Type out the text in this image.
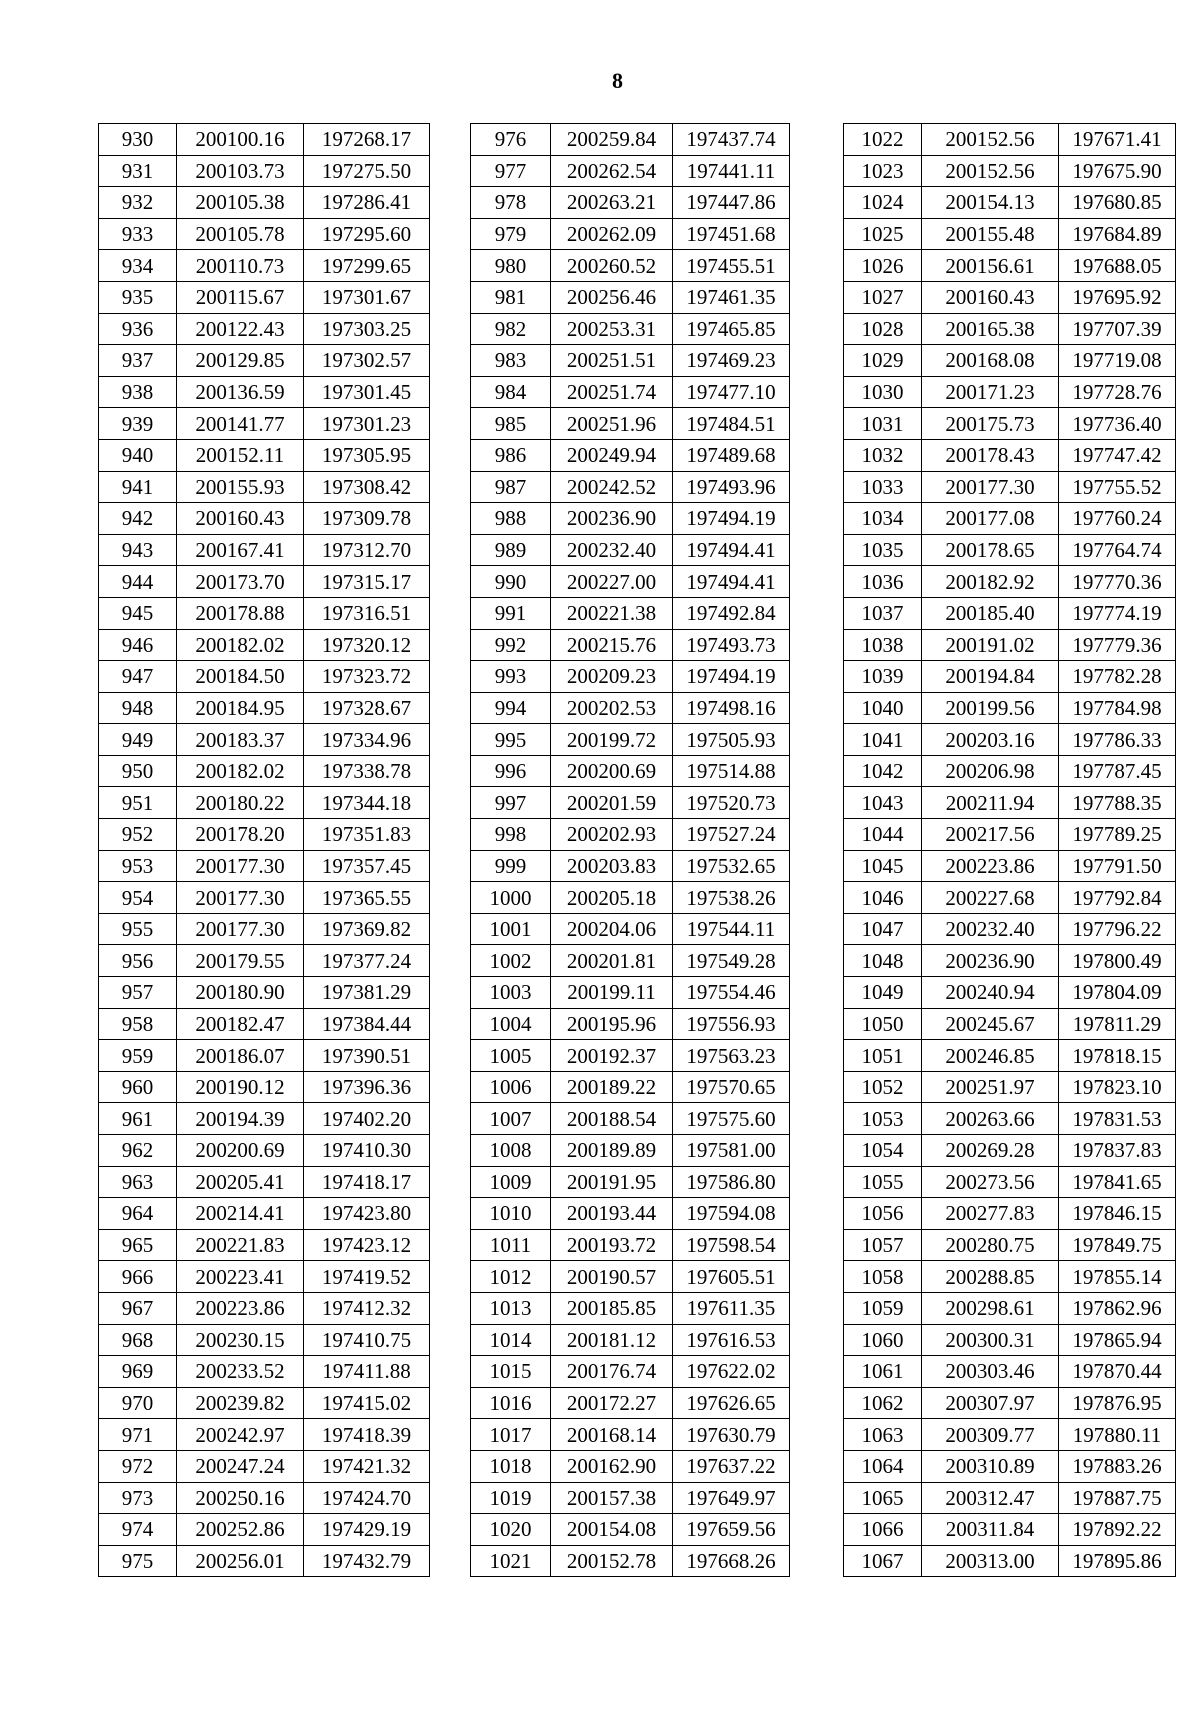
8
930	200100.16	197268.17
931	200103.73	197275.50
932	200105.38	197286.41
933	200105.78	197295.60
934	200110.73	197299.65
935	200115.67	197301.67
936	200122.43	197303.25
937	200129.85	197302.57
938	200136.59	197301.45
939	200141.77	197301.23
940	200152.11	197305.95
941	200155.93	197308.42
942	200160.43	197309.78
943	200167.41	197312.70
944	200173.70	197315.17
945	200178.88	197316.51
946	200182.02	197320.12
947	200184.50	197323.72
948	200184.95	197328.67
949	200183.37	197334.96
950	200182.02	197338.78
951	200180.22	197344.18
952	200178.20	197351.83
953	200177.30	197357.45
954	200177.30	197365.55
955	200177.30	197369.82
956	200179.55	197377.24
957	200180.90	197381.29
958	200182.47	197384.44
959	200186.07	197390.51
960	200190.12	197396.36
961	200194.39	197402.20
962	200200.69	197410.30
963	200205.41	197418.17
964	200214.41	197423.80
965	200221.83	197423.12
966	200223.41	197419.52
967	200223.86	197412.32
968	200230.15	197410.75
969	200233.52	197411.88
970	200239.82	197415.02
971	200242.97	197418.39
972	200247.24	197421.32
973	200250.16	197424.70
974	200252.86	197429.19
975	200256.01	197432.79
976	200259.84	197437.74
977	200262.54	197441.11
978	200263.21	197447.86
979	200262.09	197451.68
980	200260.52	197455.51
981	200256.46	197461.35
982	200253.31	197465.85
983	200251.51	197469.23
984	200251.74	197477.10
985	200251.96	197484.51
986	200249.94	197489.68
987	200242.52	197493.96
988	200236.90	197494.19
989	200232.40	197494.41
990	200227.00	197494.41
991	200221.38	197492.84
992	200215.76	197493.73
993	200209.23	197494.19
994	200202.53	197498.16
995	200199.72	197505.93
996	200200.69	197514.88
997	200201.59	197520.73
998	200202.93	197527.24
999	200203.83	197532.65
1000	200205.18	197538.26
1001	200204.06	197544.11
1002	200201.81	197549.28
1003	200199.11	197554.46
1004	200195.96	197556.93
1005	200192.37	197563.23
1006	200189.22	197570.65
1007	200188.54	197575.60
1008	200189.89	197581.00
1009	200191.95	197586.80
1010	200193.44	197594.08
1011	200193.72	197598.54
1012	200190.57	197605.51
1013	200185.85	197611.35
1014	200181.12	197616.53
1015	200176.74	197622.02
1016	200172.27	197626.65
1017	200168.14	197630.79
1018	200162.90	197637.22
1019	200157.38	197649.97
1020	200154.08	197659.56
1021	200152.78	197668.26
1022	200152.56	197671.41
1023	200152.56	197675.90
1024	200154.13	197680.85
1025	200155.48	197684.89
1026	200156.61	197688.05
1027	200160.43	197695.92
1028	200165.38	197707.39
1029	200168.08	197719.08
1030	200171.23	197728.76
1031	200175.73	197736.40
1032	200178.43	197747.42
1033	200177.30	197755.52
1034	200177.08	197760.24
1035	200178.65	197764.74
1036	200182.92	197770.36
1037	200185.40	197774.19
1038	200191.02	197779.36
1039	200194.84	197782.28
1040	200199.56	197784.98
1041	200203.16	197786.33
1042	200206.98	197787.45
1043	200211.94	197788.35
1044	200217.56	197789.25
1045	200223.86	197791.50
1046	200227.68	197792.84
1047	200232.40	197796.22
1048	200236.90	197800.49
1049	200240.94	197804.09
1050	200245.67	197811.29
1051	200246.85	197818.15
1052	200251.97	197823.10
1053	200263.66	197831.53
1054	200269.28	197837.83
1055	200273.56	197841.65
1056	200277.83	197846.15
1057	200280.75	197849.75
1058	200288.85	197855.14
1059	200298.61	197862.96
1060	200300.31	197865.94
1061	200303.46	197870.44
1062	200307.97	197876.95
1063	200309.77	197880.11
1064	200310.89	197883.26
1065	200312.47	197887.75
1066	200311.84	197892.22
1067	200313.00	197895.86
